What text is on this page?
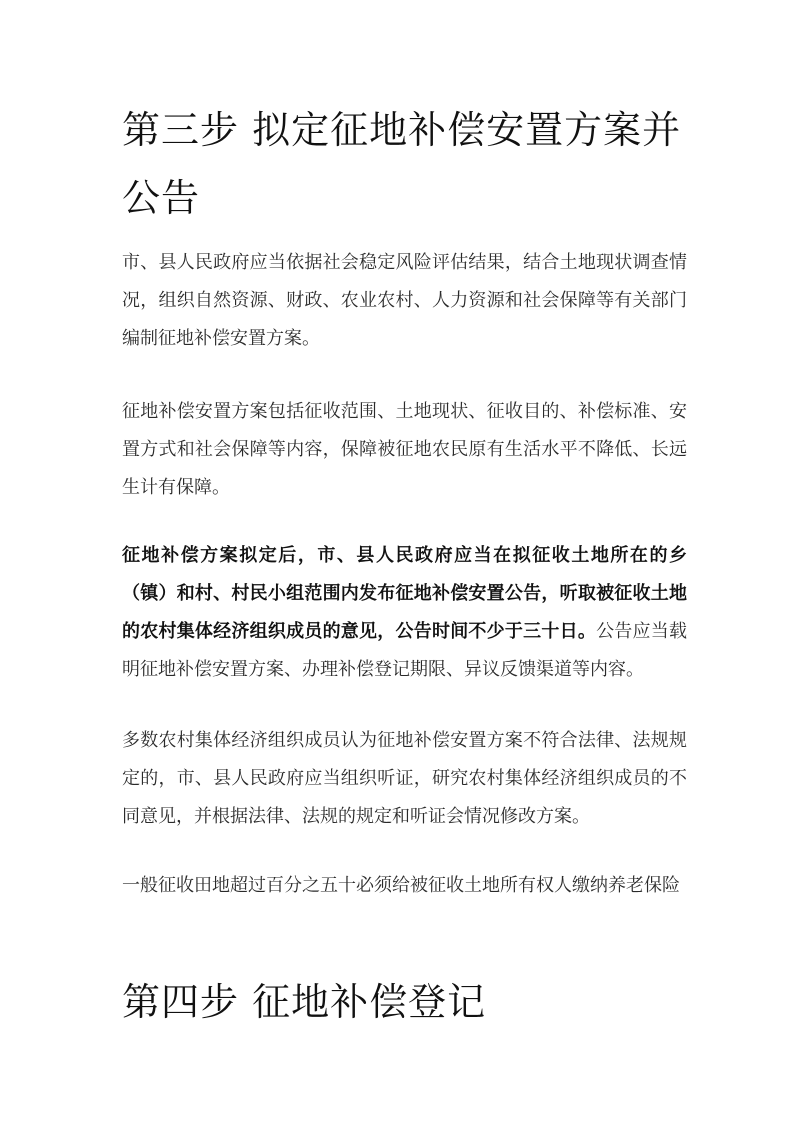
第三步 拟定征地补偿安置方案并公告

市、县人民政府应当依据社会稳定风险评估结果，结合土地现状调查情况，组织自然资源、财政、农业农村、人力资源和社会保障等有关部门编制征地补偿安置方案。

征地补偿安置方案包括征收范围、土地现状、征收目的、补偿标准、安置方式和社会保障等内容，保障被征地农民原有生活水平不降低、长远生计有保障。

征地补偿方案拟定后，市、县人民政府应当在拟征收土地所在的乡（镇）和村、村民小组范围内发布征地补偿安置公告，听取被征收土地的农村集体经济组织成员的意见，公告时间不少于三十日。公告应当载明征地补偿安置方案、办理补偿登记期限、异议反馈渠道等内容。

多数农村集体经济组织成员认为征地补偿安置方案不符合法律、法规规定的，市、县人民政府应当组织听证，研究农村集体经济组织成员的不同意见，并根据法律、法规的规定和听证会情况修改方案。

一般征收田地超过百分之五十必须给被征收土地所有权人缴纳养老保险

第四步 征地补偿登记
